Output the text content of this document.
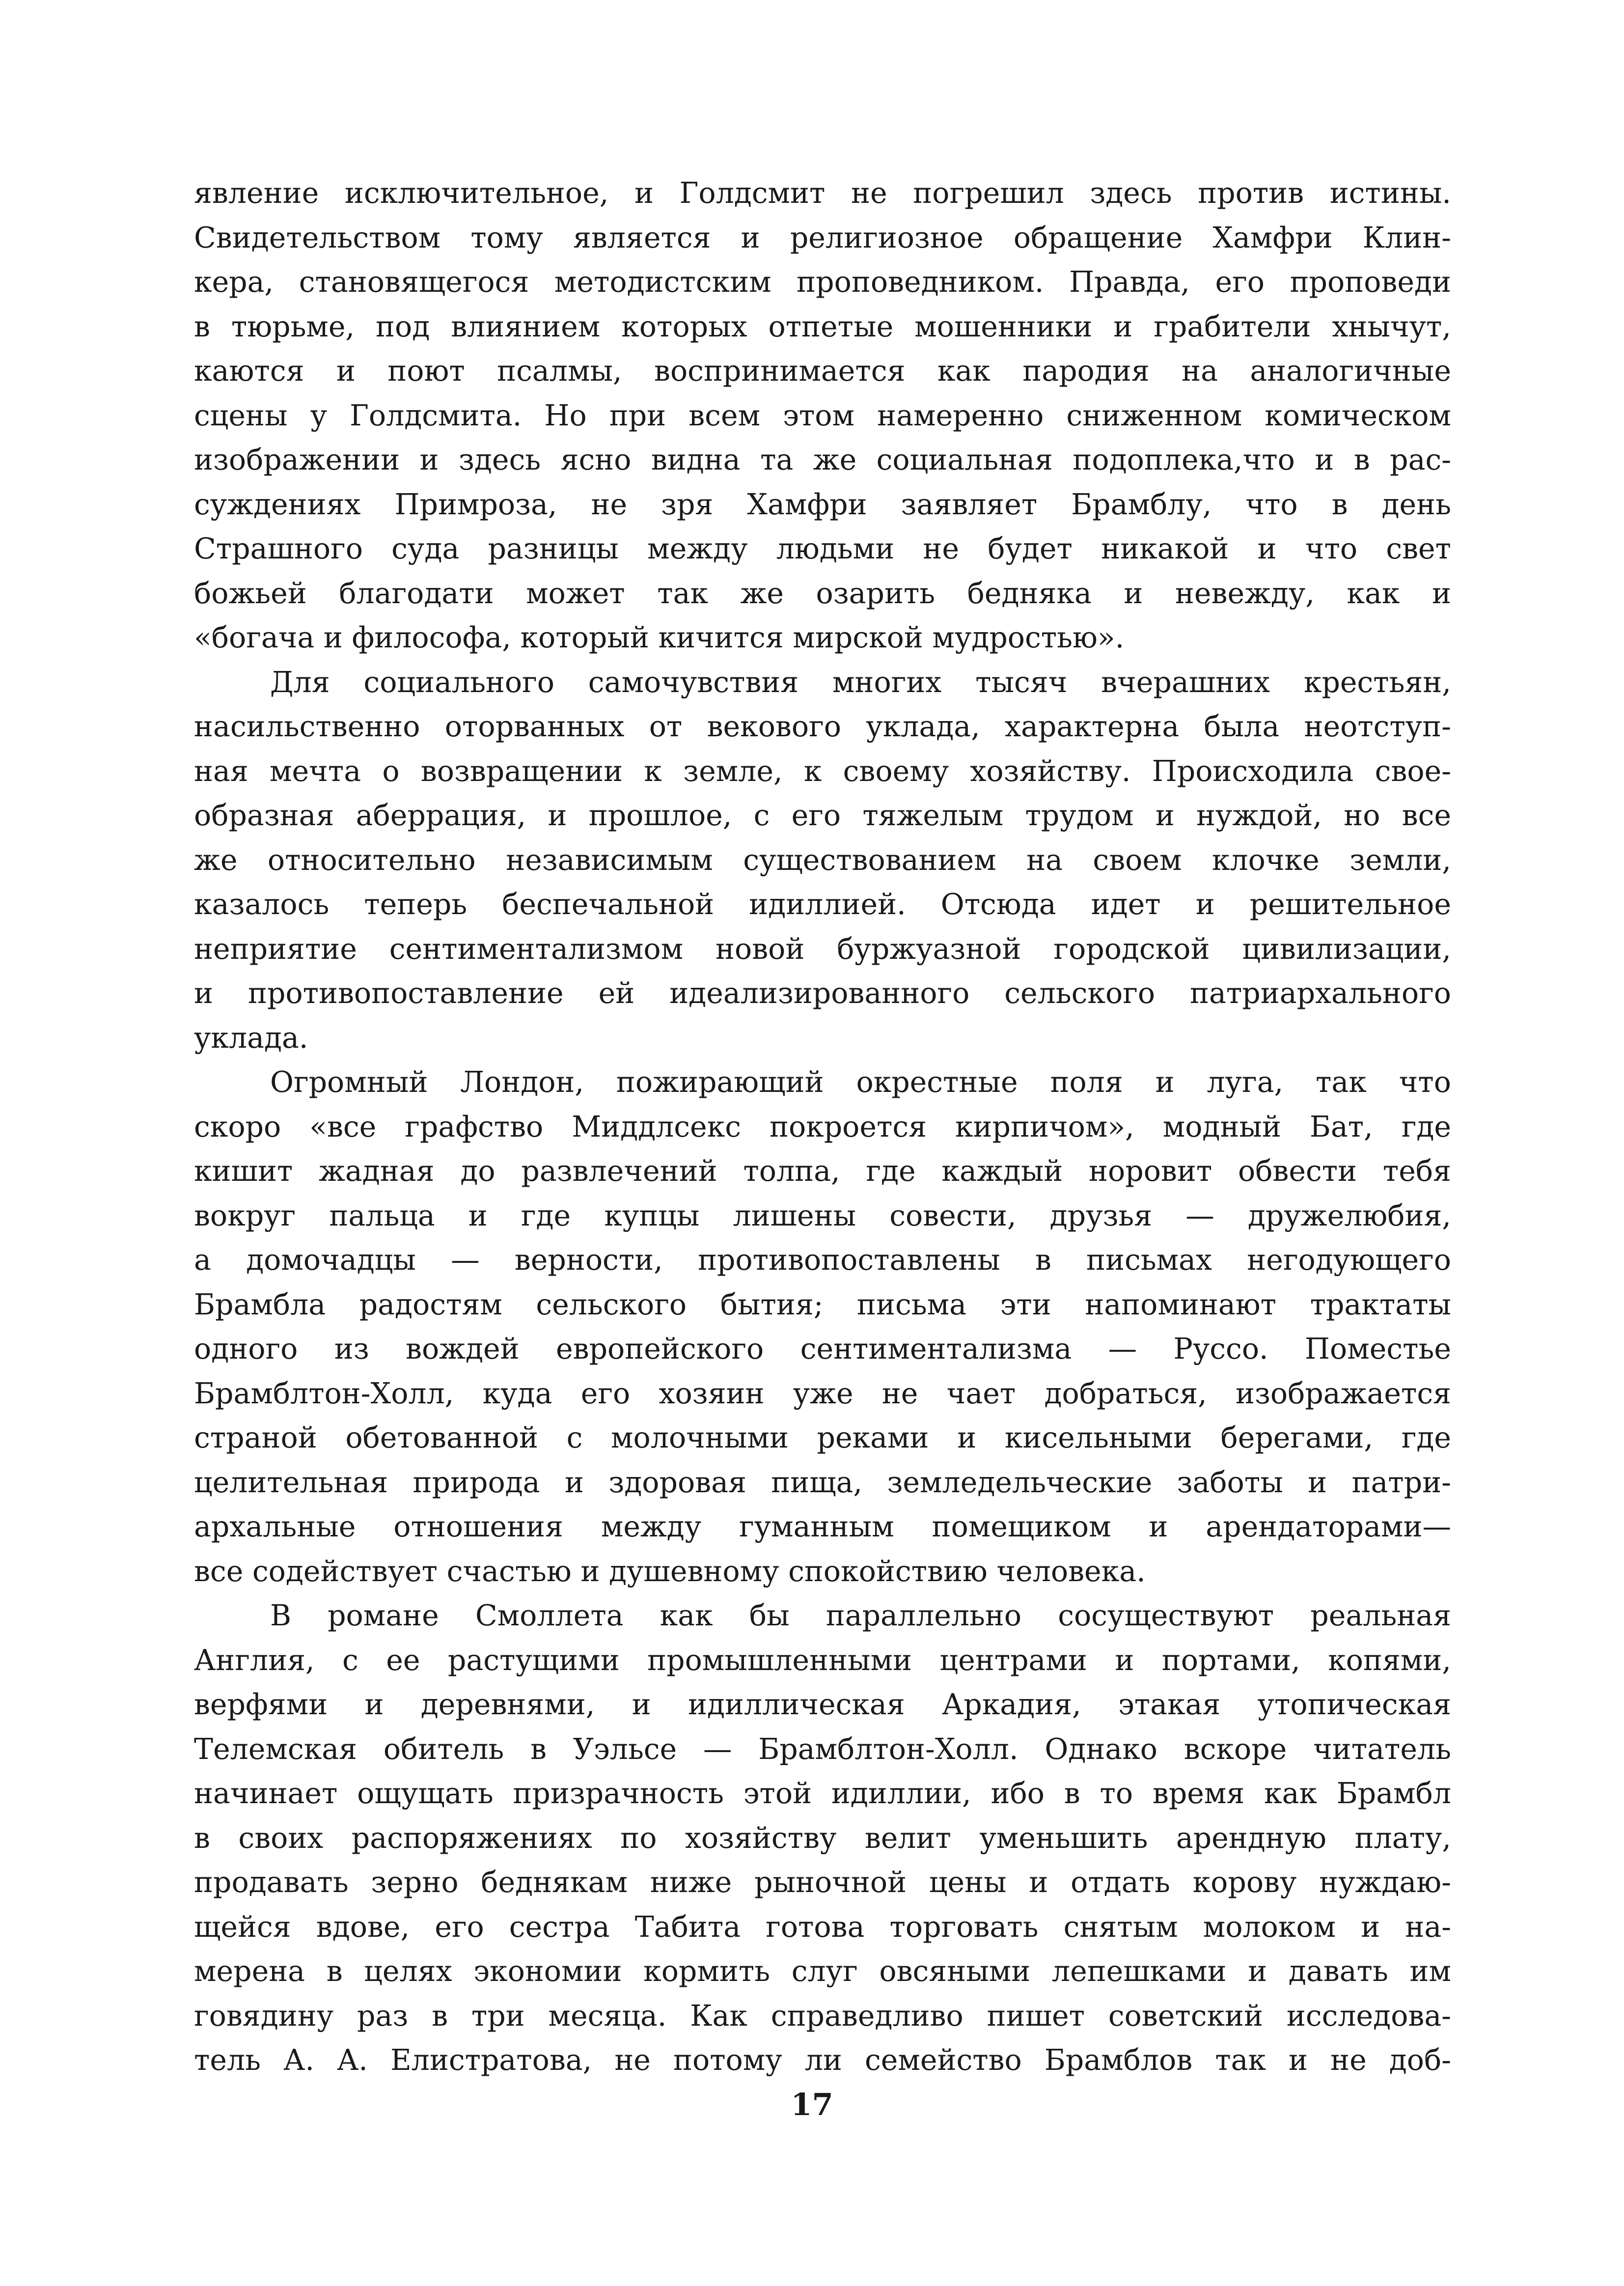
явление исключительное, и Голдсмит не погрешил здесь против истины.
Свидетельством тому является и религиозное обращение Хамфри Клин-
кера, становящегося методистским проповедником. Правда, его проповеди
в тюрьме, под влиянием которых отпетые мошенники и грабители хнычут,
каются и поют псалмы, воспринимается как пародия на аналогичные
сцены у Голдсмита. Но при всем этом намеренно сниженном комическом
изображении и здесь ясно видна та же социальная подоплека,что и в рас-
суждениях Примроза, не зря Хамфри заявляет Брамблу, что в день
Страшного суда разницы между людьми не будет никакой и что свет
божьей благодати может так же озарить бедняка и невежду, как и
«богача и философа, который кичится мирской мудростью».
Для социального самочувствия многих тысяч вчерашних крестьян,
насильственно оторванных от векового уклада, характерна была неотступ-
ная мечта о возвращении к земле, к своему хозяйству. Происходила свое-
образная аберрация, и прошлое, с его тяжелым трудом и нуждой, но все
же относительно независимым существованием на своем клочке земли,
казалось теперь беспечальной идиллией. Отсюда идет и решительное
неприятие сентиментализмом новой буржуазной городской цивилизации,
и противопоставление ей идеализированного сельского патриархального
уклада.
Огромный Лондон, пожирающий окрестные поля и луга, так что
скоро «все графство Миддлсекс покроется кирпичом», модный Бат, где
кишит жадная до развлечений толпа, где каждый норовит обвести тебя
вокруг пальца и где купцы лишены совести, друзья — дружелюбия,
а домочадцы — верности, противопоставлены в письмах негодующего
Брамбла радостям сельского бытия; письма эти напоминают трактаты
одного из вождей европейского сентиментализма — Руссо. Поместье
Брамблтон-Холл, куда его хозяин уже не чает добраться, изображается
страной обетованной с молочными реками и кисельными берегами, где
целительная природа и здоровая пища, земледельческие заботы и патри-
архальные отношения между гуманным помещиком и арендаторами—
все содействует счастью и душевному спокойствию человека.
В романе Смоллета как бы параллельно сосуществуют реальная
Англия, с ее растущими промышленными центрами и портами, копями,
верфями и деревнями, и идиллическая Аркадия, этакая утопическая
Телемская обитель в Уэльсе — Брамблтон-Холл. Однако вскоре читатель
начинает ощущать призрачность этой идиллии, ибо в то время как Брамбл
в своих распоряжениях по хозяйству велит уменьшить арендную плату,
продавать зерно беднякам ниже рыночной цены и отдать корову нуждаю-
щейся вдове, его сестра Табита готова торговать снятым молоком и на-
мерена в целях экономии кормить слуг овсяными лепешками и давать им
говядину раз в три месяца. Как справедливо пишет советский исследова-
тель А. А. Елистратова, не потому ли семейство Брамблов так и не доб-
17
